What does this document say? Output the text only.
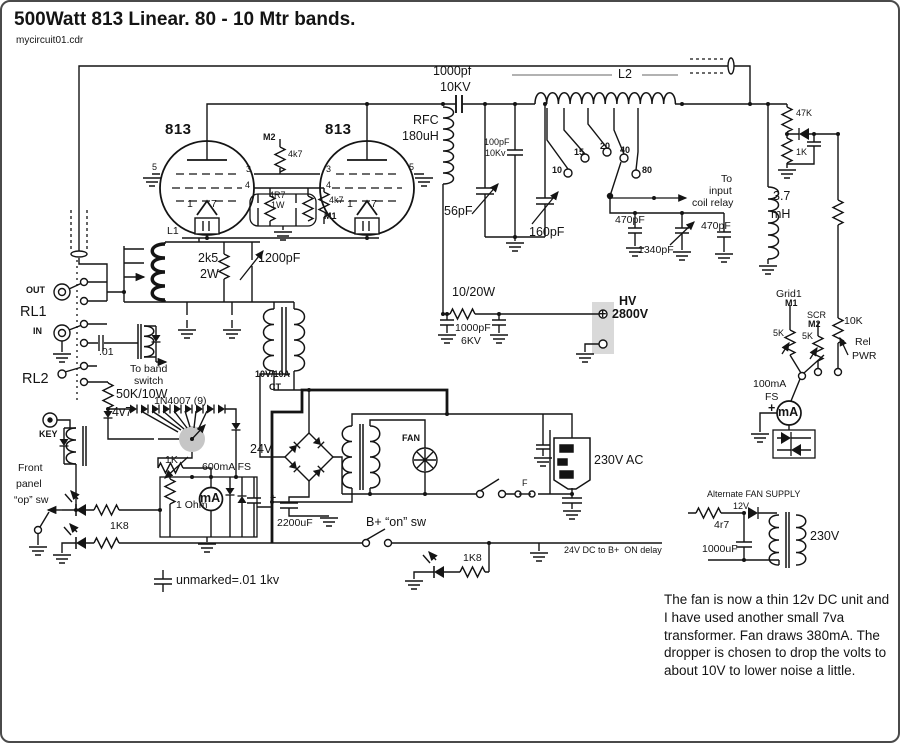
500Watt 813 Linear. 80 - 10 Mtr bands.
mycircuit01.cdr
813	813
M2
4k7
4R7
1W	4k7
M1
5	3
4
1 7
3
4
5
1 7
L1
2k5
2W
1200pF
1000pf
10KV
L2
RFC
180uH	100pF
10Kv
10
15
20 40
80
To
input
coil relay
56pF
160pF
470pF
1340pF
470pF
47K
1K
3.7
mH
10/20W
HV
+ 2800V
1000pF
6KV
Grid1
M1
SCR
M2 10K
5K 5K	Rel
PWR
OUT
RL1
IN
RL2
.01
To band
switch
50K/10W
4v7
1N4007 (9)
KEY
Front
panel
“op” sw
1K
600mA FS
mA
1 Ohm
1K8
+
2200uF
24V
10V/10A
CT
FAN
F
230V AC
B+ “on” sw
24V DC to B+  ON delay
1K8
unmarked=.01 1kv
100mA
FS
+ mA
Alternate FAN SUPPLY
4r7
12V
1000uF
230V
The fan is now a thin 12v DC unit and I have used another small 7va transformer. Fan draws 380mA. The dropper is chosen to drop the volts to about 10V to lower noise a little.
